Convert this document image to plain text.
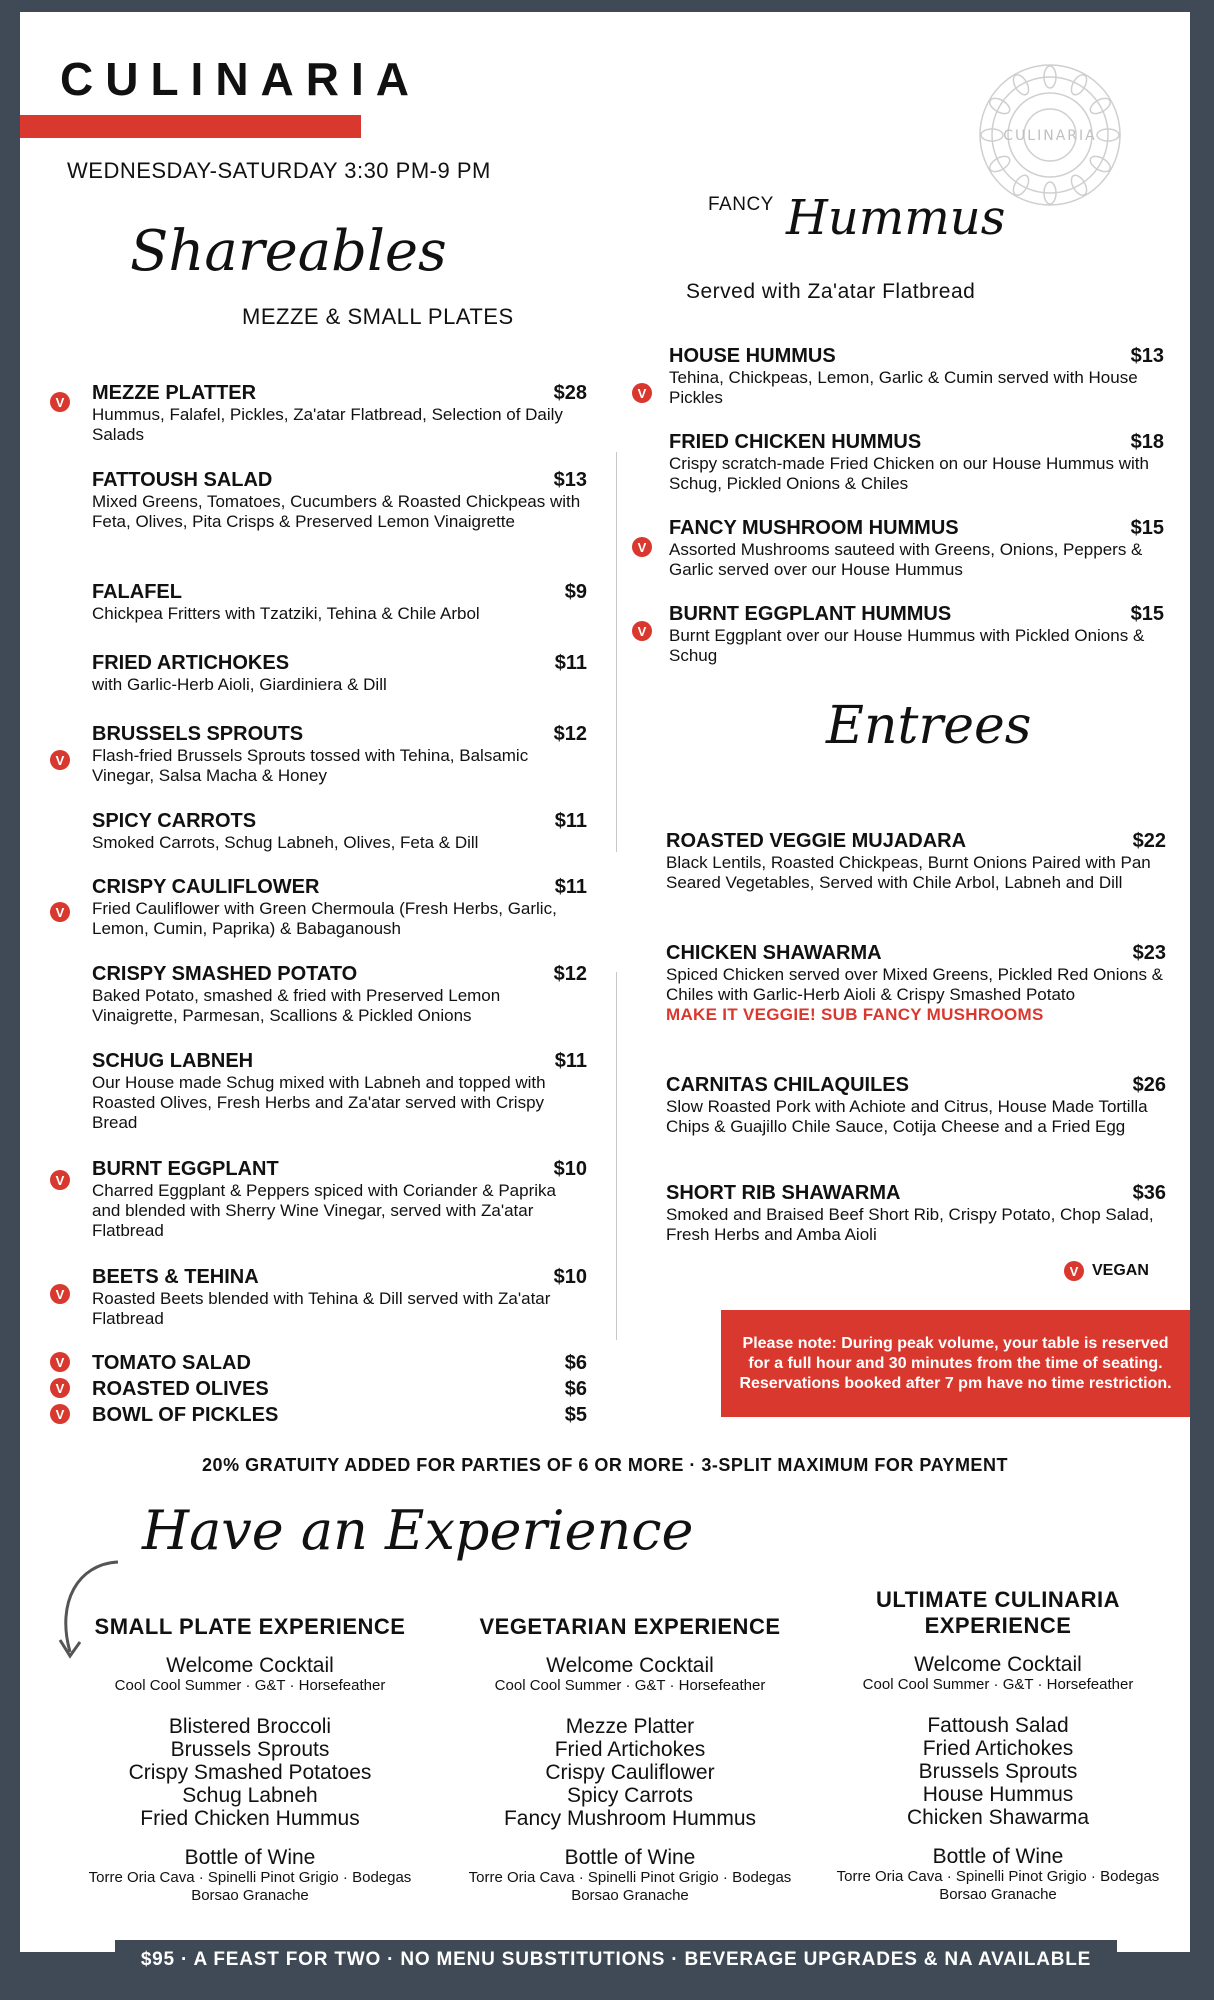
CULINARIA
WEDNESDAY-SATURDAY 3:30 PM-9 PM
CULINARIA
Shareables
MEZZE & SMALL PLATES
FANCY Hummus
Served with Za'atar Flatbread
MEZZE PLATTER	$28
Hummus, Falafel, Pickles, Za'atar Flatbread, Selection of Daily Salads
V
FATTOUSH SALAD	$13
Mixed Greens, Tomatoes, Cucumbers & Roasted Chickpeas with Feta, Olives, Pita Crisps & Preserved Lemon Vinaigrette
FALAFEL	$9
Chickpea Fritters with Tzatziki, Tehina & Chile Arbol
FRIED ARTICHOKES	$11
with Garlic-Herb Aioli, Giardiniera & Dill
BRUSSELS SPROUTS	$12
Flash-fried Brussels Sprouts tossed with Tehina, Balsamic Vinegar, Salsa Macha & Honey
V
SPICY CARROTS	$11
Smoked Carrots, Schug Labneh, Olives, Feta & Dill
CRISPY CAULIFLOWER	$11
Fried Cauliflower with Green Chermoula (Fresh Herbs, Garlic, Lemon, Cumin, Paprika) & Babaganoush
V
CRISPY SMASHED POTATO	$12
Baked Potato, smashed & fried with Preserved Lemon Vinaigrette, Parmesan, Scallions & Pickled Onions
SCHUG LABNEH	$11
Our House made Schug mixed with Labneh and topped with Roasted Olives, Fresh Herbs and Za'atar served with Crispy Bread
BURNT EGGPLANT	$10
Charred Eggplant & Peppers spiced with Coriander & Paprika and blended with Sherry Wine Vinegar, served with Za'atar Flatbread
V
BEETS & TEHINA	$10
Roasted Beets blended with Tehina & Dill served with Za'atar Flatbread
V
TOMATO SALAD	$6
V
ROASTED OLIVES	$6
V
BOWL OF PICKLES	$5
V
HOUSE HUMMUS	$13
Tehina, Chickpeas, Lemon, Garlic & Cumin served with House Pickles
V
FRIED CHICKEN HUMMUS	$18
Crispy scratch-made Fried Chicken on our House Hummus with Schug, Pickled Onions & Chiles
FANCY MUSHROOM HUMMUS	$15
Assorted Mushrooms sauteed with Greens, Onions, Peppers & Garlic served over our House Hummus
V
BURNT EGGPLANT HUMMUS	$15
Burnt Eggplant over our House Hummus with Pickled Onions & Schug
V
Entrees
ROASTED VEGGIE MUJADARA	$22
Black Lentils, Roasted Chickpeas, Burnt Onions Paired with Pan Seared Vegetables, Served with Chile Arbol, Labneh and Dill
CHICKEN SHAWARMA	$23
Spiced Chicken served over Mixed Greens, Pickled Red Onions & Chiles with Garlic-Herb Aioli & Crispy Smashed Potato
MAKE IT VEGGIE! SUB FANCY MUSHROOMS
CARNITAS CHILAQUILES	$26
Slow Roasted Pork with Achiote and Citrus, House Made Tortilla Chips & Guajillo Chile Sauce, Cotija Cheese and a Fried Egg
SHORT RIB SHAWARMA	$36
Smoked and Braised Beef Short Rib, Crispy Potato, Chop Salad, Fresh Herbs and Amba Aioli
V VEGAN
Please note: During peak volume, your table is reserved for a full hour and 30 minutes from the time of seating. Reservations booked after 7 pm have no time restriction.
20% GRATUITY ADDED FOR PARTIES OF 6 OR MORE · 3-SPLIT MAXIMUM FOR PAYMENT
Have an Experience
SMALL PLATE EXPERIENCE
Welcome Cocktail
Cool Cool Summer · G&T · Horsefeather
Blistered Broccoli
Brussels Sprouts
Crispy Smashed Potatoes
Schug Labneh
Fried Chicken Hummus
Bottle of Wine
Torre Oria Cava · Spinelli Pinot Grigio · Bodegas Borsao Granache
VEGETARIAN EXPERIENCE
Welcome Cocktail
Cool Cool Summer · G&T · Horsefeather
Mezze Platter
Fried Artichokes
Crispy Cauliflower
Spicy Carrots
Fancy Mushroom Hummus
Bottle of Wine
Torre Oria Cava · Spinelli Pinot Grigio · Bodegas Borsao Granache
ULTIMATE CULINARIA EXPERIENCE
Welcome Cocktail
Cool Cool Summer · G&T · Horsefeather
Fattoush Salad
Fried Artichokes
Brussels Sprouts
House Hummus
Chicken Shawarma
Bottle of Wine
Torre Oria Cava · Spinelli Pinot Grigio · Bodegas Borsao Granache
$95 · A FEAST FOR TWO · NO MENU SUBSTITUTIONS · BEVERAGE UPGRADES & NA AVAILABLE
